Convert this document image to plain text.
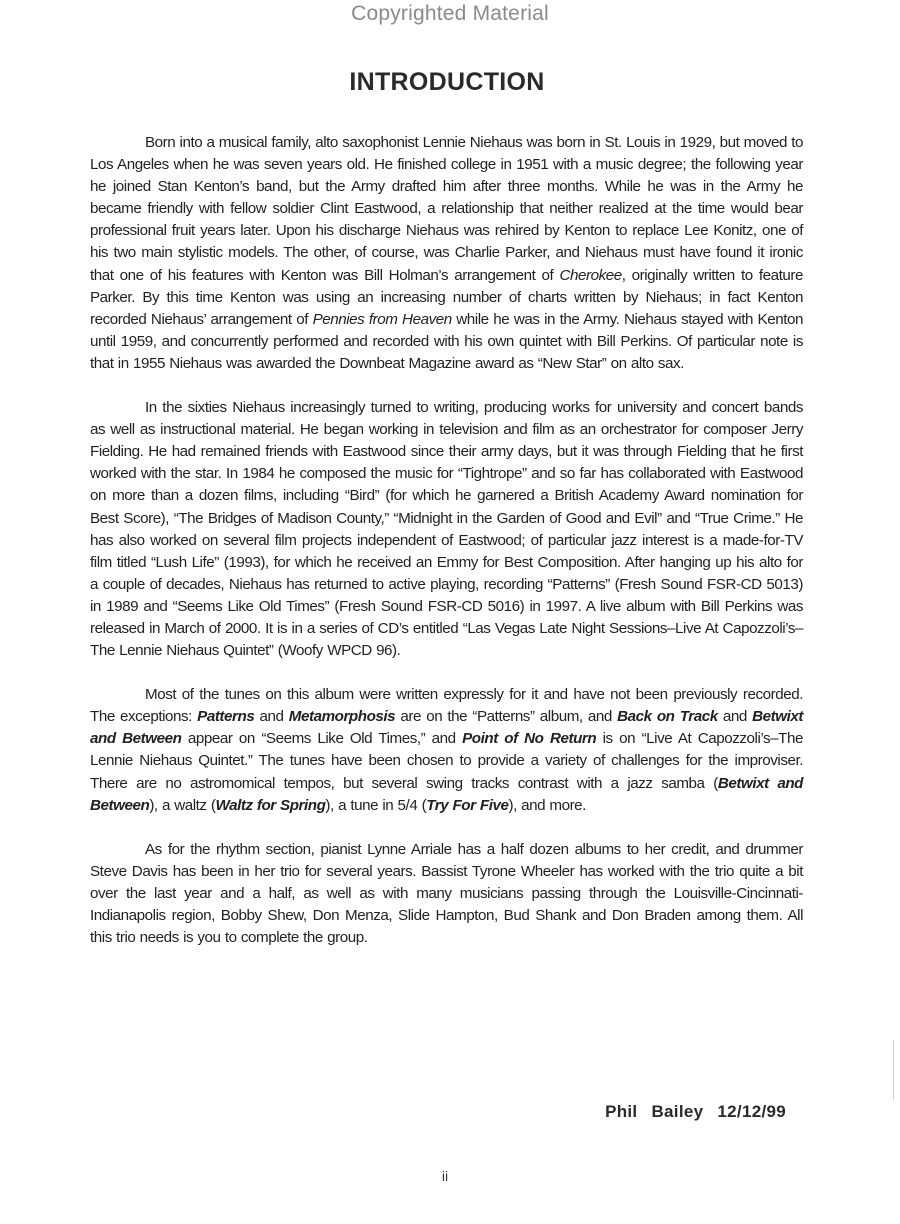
Copyrighted Material
INTRODUCTION

Born into a musical family, alto saxophonist Lennie Niehaus was born in St. Louis in 1929, but moved to Los Angeles when he was seven years old. He finished college in 1951 with a music degree; the following year he joined Stan Kenton’s band, but the Army drafted him after three months. While he was in the Army he became friendly with fellow soldier Clint Eastwood, a relationship that neither realized at the time would bear professional fruit years later. Upon his discharge Niehaus was rehired by Kenton to replace Lee Konitz, one of his two main stylistic models. The other, of course, was Charlie Parker, and Niehaus must have found it ironic that one of his features with Kenton was Bill Holman’s arrangement of Cherokee, originally written to feature Parker. By this time Kenton was using an increasing number of charts written by Niehaus; in fact Kenton recorded Niehaus’ arrangement of Pennies from Heaven while he was in the Army. Niehaus stayed with Kenton until 1959, and concurrently performed and recorded with his own quintet with Bill Perkins. Of particular note is that in 1955 Niehaus was awarded the Downbeat Magazine award as “New Star” on alto sax.

In the sixties Niehaus increasingly turned to writing, producing works for university and concert bands as well as instructional material. He began working in television and film as an orchestrator for composer Jerry Fielding. He had remained friends with Eastwood since their army days, but it was through Fielding that he first worked with the star. In 1984 he composed the music for “Tightrope” and so far has collaborated with Eastwood on more than a dozen films, including “Bird” (for which he garnered a British Academy Award nomination for Best Score), “The Bridges of Madison County,” “Midnight in the Garden of Good and Evil” and “True Crime.” He has also worked on several film projects independent of Eastwood; of particular jazz interest is a made-for-TV film titled “Lush Life” (1993), for which he received an Emmy for Best Composition. After hanging up his alto for a couple of decades, Niehaus has returned to active playing, recording “Patterns” (Fresh Sound FSR-CD 5013) in 1989 and “Seems Like Old Times” (Fresh Sound FSR-CD 5016) in 1997. A live album with Bill Perkins was released in March of 2000. It is in a series of CD’s entitled “Las Vegas Late Night Sessions–Live At Capozzoli’s–The Lennie Niehaus Quintet” (Woofy WPCD 96).

Most of the tunes on this album were written expressly for it and have not been previously recorded. The exceptions: Patterns and Metamorphosis are on the “Patterns” album, and Back on Track and Betwixt and Between appear on “Seems Like Old Times,” and Point of No Return is on “Live At Capozzoli’s–The Lennie Niehaus Quintet.” The tunes have been chosen to provide a variety of challenges for the improviser. There are no astromomical tempos, but several swing tracks contrast with a jazz samba (Betwixt and Between), a waltz (Waltz for Spring), a tune in 5/4 (Try For Five), and more.

As for the rhythm section, pianist Lynne Arriale has a half dozen albums to her credit, and drummer Steve Davis has been in her trio for several years. Bassist Tyrone Wheeler has worked with the trio quite a bit over the last year and a half, as well as with many musicians passing through the Louisville-Cincinnati-Indianapolis region, Bobby Shew, Don Menza, Slide Hampton, Bud Shank and Don Braden among them. All this trio needs is you to complete the group.

Phil  Bailey  12/12/99
ii
